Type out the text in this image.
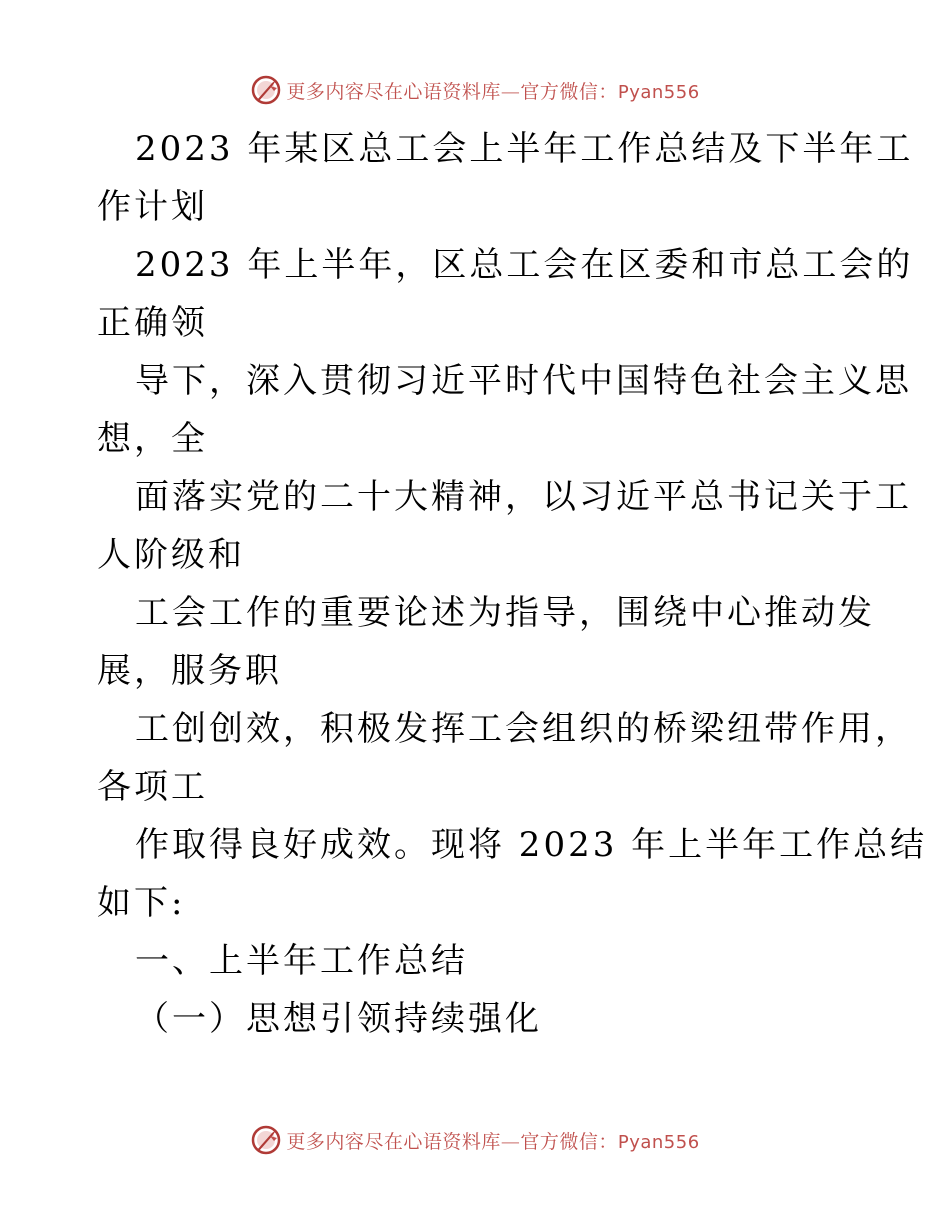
更多内容尽在心语资料库—官方微信：Pyan556
2023 年某区总工会上半年工作总结及下半年工
作计划
2023 年上半年，区总工会在区委和市总工会的
正确领
导下，深入贯彻习近平时代中国特色社会主义思
想，全
面落实党的二十大精神，以习近平总书记关于工
人阶级和
工会工作的重要论述为指导，围绕中心推动发
展，服务职
工创创效，积极发挥工会组织的桥梁纽带作用，
各项工
作取得良好成效。现将 2023 年上半年工作总结
如下:
一、上半年工作总结
（一）思想引领持续强化
更多内容尽在心语资料库—官方微信：Pyan556
